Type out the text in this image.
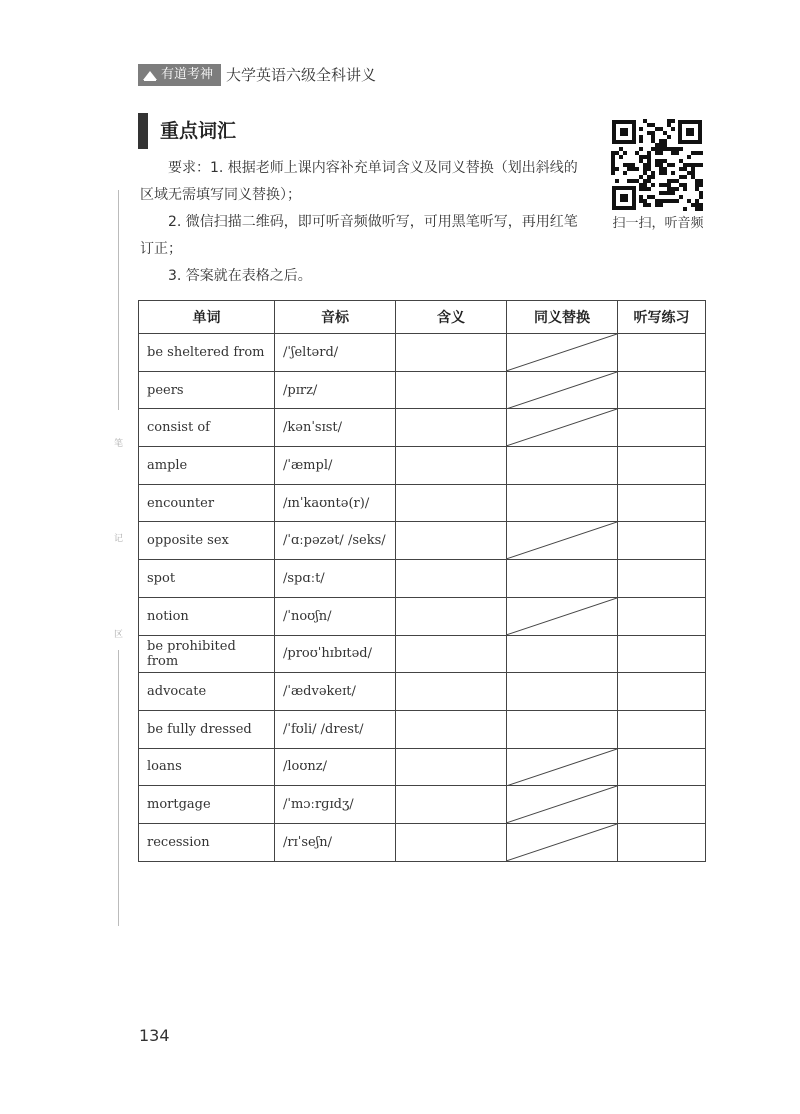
有道考神 大学英语六级全科讲义
重点词汇

要求：1. 根据老师上课内容补充单词含义及同义替换（划出斜线的区域无需填写同义替换）；

2. 微信扫描二维码，即可听音频做听写，可用黑笔听写，再用红笔订正；

3. 答案就在表格之后。

扫一扫，听音频
笔
记
区
单词	音标	含义	同义替换	听写练习
be sheltered from	/ˈʃeltərd/		

peers	/pɪrz/		

consist of	/kənˈsɪst/		

ample	/ˈæmpl/			
encounter	/ɪnˈkaʊntə(r)/			
opposite sex	/ˈɑːpəzət/ /seks/		

spot	/spɑːt/			
notion	/ˈnoʊʃn/		

be prohibited from	/proʊˈhɪbɪtəd/			
advocate	/ˈædvəkeɪt/			
be fully dressed	/ˈfʊli/ /drest/			
loans	/loʊnz/		

mortgage	/ˈmɔːrɡɪdʒ/		

recession	/rɪˈseʃn/		

134
